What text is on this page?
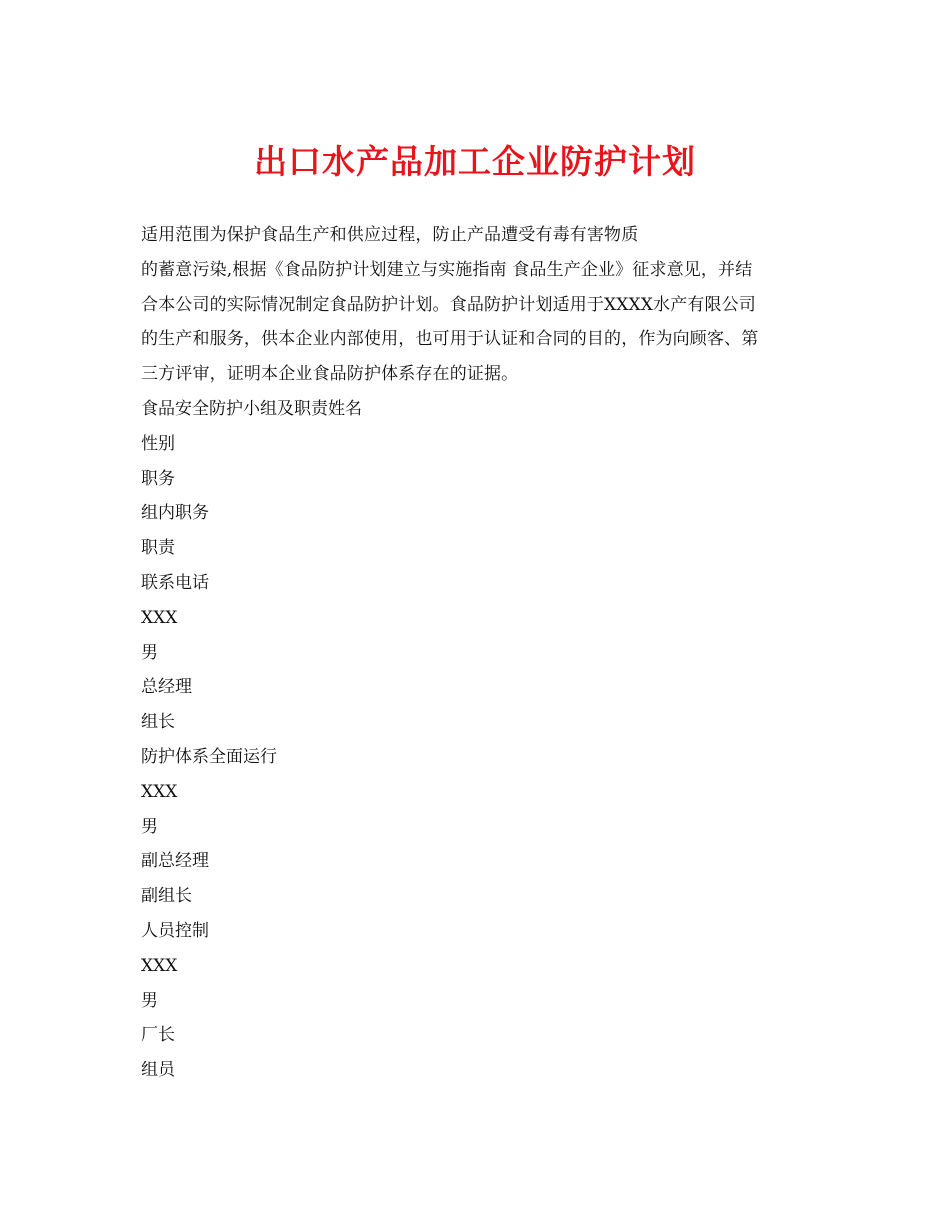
出口水产品加工企业防护计划
适用范围为保护食品生产和供应过程，防止产品遭受有毒有害物质
的蓄意污染,根据《食品防护计划建立与实施指南 食品生产企业》征求意见，并结
合本公司的实际情况制定食品防护计划。食品防护计划适用于XXXX水产有限公司
的生产和服务，供本企业内部使用，也可用于认证和合同的目的，作为向顾客、第
三方评审，证明本企业食品防护体系存在的证据。
食品安全防护小组及职责姓名
性别
职务
组内职务
职责
联系电话
XXX
男
总经理
组长
防护体系全面运行
XXX
男
副总经理
副组长
人员控制
XXX
男
厂长
组员
